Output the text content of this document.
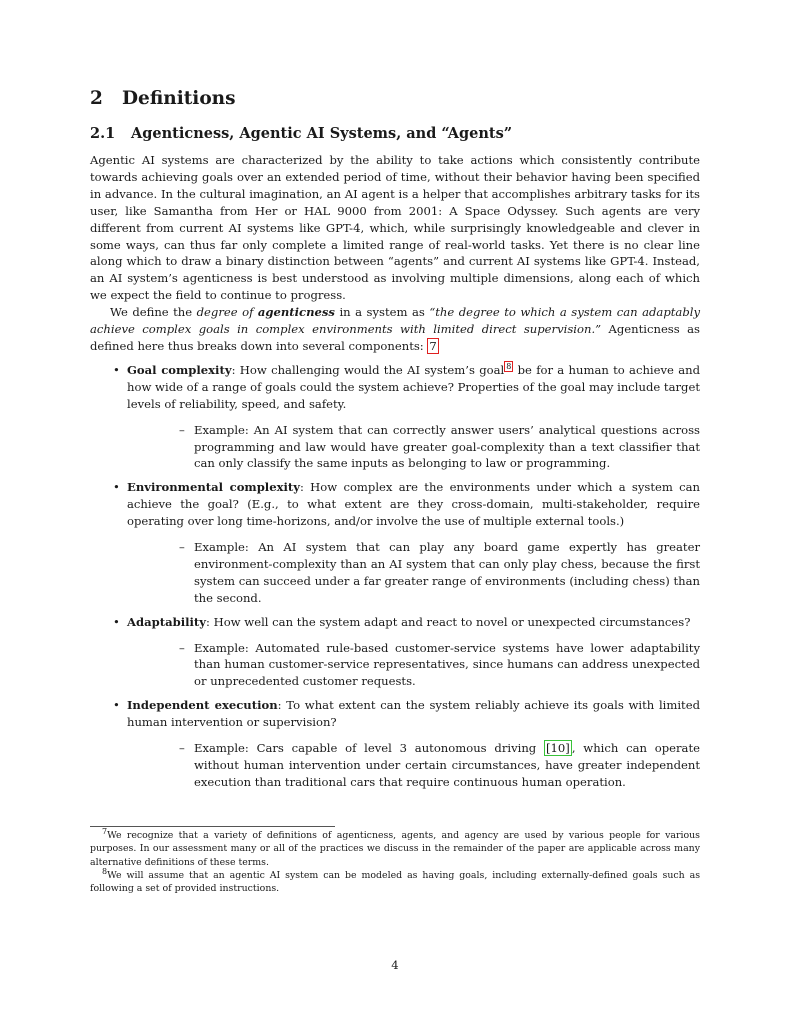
2 Definitions
2.1 Agenticness, Agentic AI Systems, and “Agents”

Agentic AI systems are characterized by the ability to take actions which consistently contribute towards achieving goals over an extended period of time, without their behavior having been specified in advance. In the cultural imagination, an AI agent is a helper that accomplishes arbitrary tasks for its user, like Samantha from Her or HAL 9000 from 2001: A Space Odyssey. Such agents are very different from current AI systems like GPT-4, which, while surprisingly knowledgeable and clever in some ways, can thus far only complete a limited range of real-world tasks. Yet there is no clear line along which to draw a binary distinction between “agents” and current AI systems like GPT-4. Instead, an AI system’s agenticness is best understood as involving multiple dimensions, along each of which we expect the field to continue to progress.

We define the degree of agenticness in a system as “the degree to which a system can adaptably achieve complex goals in complex environments with limited direct supervision.” Agenticness as defined here thus breaks down into several components: 7

• Goal complexity: How challenging would the AI system’s goal $^8$ be for a human to achieve and how wide of a range of goals could the system achieve? Properties of the goal may include target levels of reliability, speed, and safety.
– Example: An AI system that can correctly answer users’ analytical questions across programming and law would have greater goal-complexity than a text classifier that can only classify the same inputs as belonging to law or programming.
• Environmental complexity: How complex are the environments under which a system can achieve the goal? (E.g., to what extent are they cross-domain, multi-stakeholder, require operating over long time-horizons, and/or involve the use of multiple external tools.)
– Example: An AI system that can play any board game expertly has greater environment-complexity than an AI system that can only play chess, because the first system can succeed under a far greater range of environments (including chess) than the second.
• Adaptability: How well can the system adapt and react to novel or unexpected circumstances?
– Example: Automated rule-based customer-service systems have lower adaptability than human customer-service representatives, since humans can address unexpected or unprecedented customer requests.
• Independent execution: To what extent can the system reliably achieve its goals with limited human intervention or supervision?
– Example: Cars capable of level 3 autonomous driving [10] , which can operate without human intervention under certain circumstances, have greater independent execution than traditional cars that require continuous human operation.

$^7$We recognize that a variety of definitions of agenticness, agents, and agency are used by various people for various purposes. In our assessment many or all of the practices we discuss in the remainder of the paper are applicable across many alternative definitions of these terms.

$^8$We will assume that an agentic AI system can be modeled as having goals, including externally-defined goals such as following a set of provided instructions.

4
